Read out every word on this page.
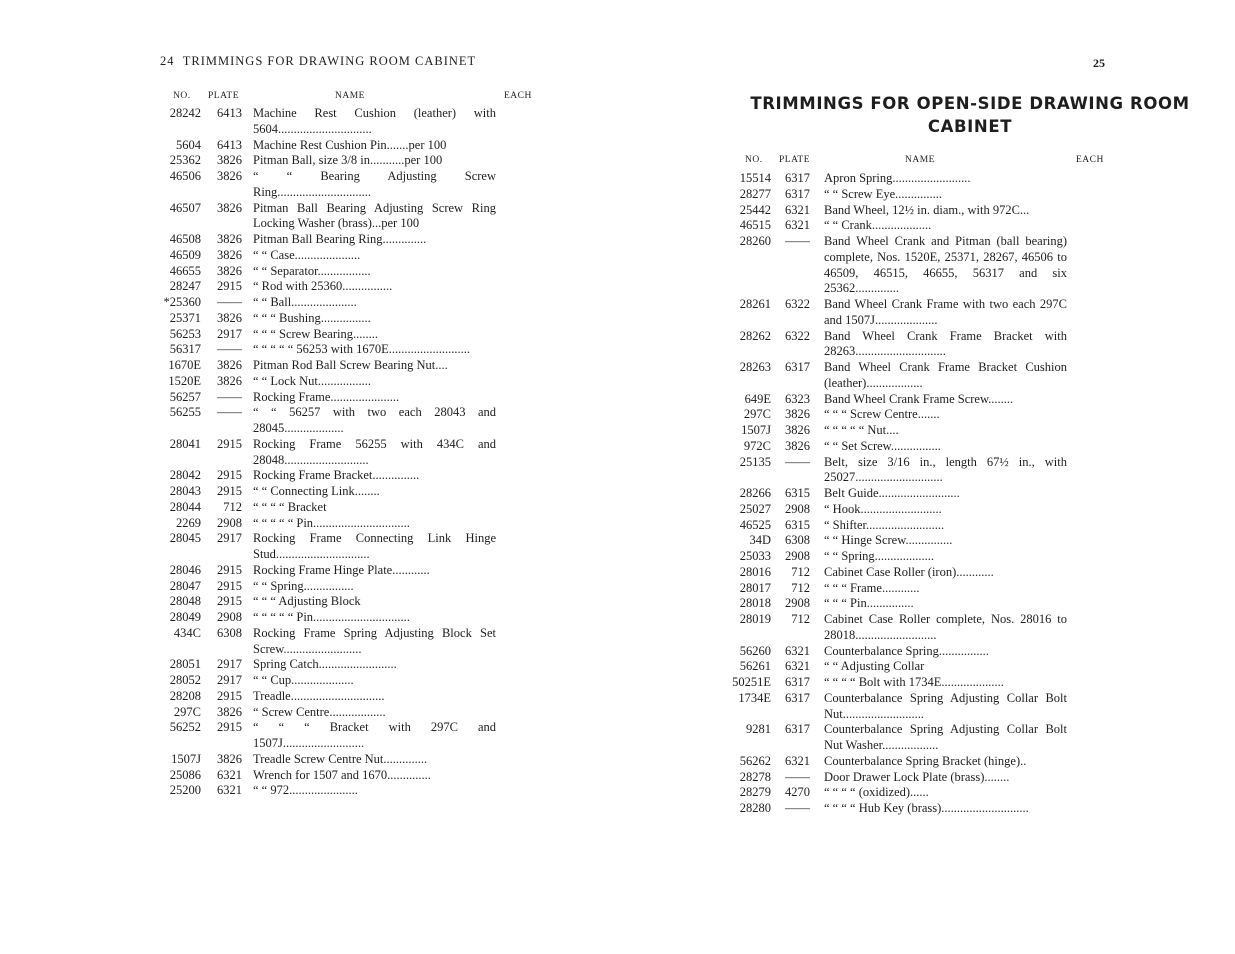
24 TRIMMINGS FOR DRAWING ROOM CABINET
NO. PLATE	NAME	EACH
28242	6413 Machine Rest Cushion (leather) with 5604..............................
5604	6413 Machine Rest Cushion Pin.......per 100
25362	3826 Pitman Ball, size 3/8 in...........per 100
46506	3826 “ “ Bearing Adjusting Screw Ring..............................
46507	3826 Pitman Ball Bearing Adjusting Screw Ring Locking Washer (brass)...per 100
46508	3826 Pitman Ball Bearing Ring..............
46509	3826 “ “ Case.....................
46655	3826 “ “ Separator.................
28247	2915 “ Rod with 25360................
*25360	—— “ “ Ball.....................
25371	3826 “ “ “ Bushing................
56253	2917 “ “ “ Screw Bearing........
56317	—— “ “ “ “ “ 56253 with 1670E..........................
1670E	3826 Pitman Rod Ball Screw Bearing Nut....
1520E	3826 “ “ Lock Nut.................
56257	—— Rocking Frame......................
56255	—— “ “ 56257 with two each 28043 and 28045...................
28041	2915 Rocking Frame 56255 with 434C and 28048...........................
28042	2915 Rocking Frame Bracket...............
28043	2915 “ “ Connecting Link........
28044	712 “ “ “ “ Bracket
2269	2908 “ “ “ “ “ Pin...............................
28045	2917 Rocking Frame Connecting Link Hinge Stud..............................
28046	2915 Rocking Frame Hinge Plate............
28047	2915 “ “ Spring................
28048	2915 “ “ “ Adjusting Block
28049	2908 “ “ “ “ “ Pin...............................
434C	6308 Rocking Frame Spring Adjusting Block Set Screw.........................
28051	2917 Spring Catch.........................
28052	2917 “ “ Cup....................
28208	2915 Treadle..............................
297C	3826 “ Screw Centre..................
56252	2915 “ “ “ Bracket with 297C and 1507J..........................
1507J	3826 Treadle Screw Centre Nut..............
25086	6321 Wrench for 1507 and 1670..............
25200	6321 “ “ 972......................
25
TRIMMINGS FOR OPEN-SIDE DRAWING ROOM CABINET
NO. PLATE	NAME	EACH
15514	6317 Apron Spring.........................
28277	6317 “ “ Screw Eye...............
25442	6321 Band Wheel, 12½ in. diam., with 972C...
46515	6321 “ “ Crank...................
28260	—— Band Wheel Crank and Pitman (ball bearing) complete, Nos. 1520E, 25371, 28267, 46506 to 46509, 46515, 46655, 56317 and six 25362..............
28261	6322 Band Wheel Crank Frame with two each 297C and 1507J....................
28262	6322 Band Wheel Crank Frame Bracket with 28263.............................
28263	6317 Band Wheel Crank Frame Bracket Cushion (leather)..................
649E	6323 Band Wheel Crank Frame Screw........
297C	3826 “ “ “ Screw Centre.......
1507J	3826 “ “ “ “ “ Nut....
972C	3826 “ “ Set Screw................
25135	—— Belt, size 3/16 in., length 67½ in., with 25027............................
28266	6315 Belt Guide..........................
25027	2908 “ Hook..........................
46525	6315 “ Shifter.........................
34D	6308 “ “ Hinge Screw...............
25033	2908 “ “ Spring...................
28016	712 Cabinet Case Roller (iron)............
28017	712 “ “ “ Frame............
28018	2908 “ “ “ Pin...............
28019	712 Cabinet Case Roller complete, Nos. 28016 to 28018..........................
56260	6321 Counterbalance Spring................
56261	6321 “ “ Adjusting Collar
50251E	6317 “ “ “ “ Bolt with 1734E....................
1734E	6317 Counterbalance Spring Adjusting Collar Bolt Nut..........................
9281	6317 Counterbalance Spring Adjusting Collar Bolt Nut Washer..................
56262	6321 Counterbalance Spring Bracket (hinge)..
28278	—— Door Drawer Lock Plate (brass)........
28279	4270 “ “ “ “ (oxidized)......
28280	—— “ “ “ “ Hub Key (brass)............................
